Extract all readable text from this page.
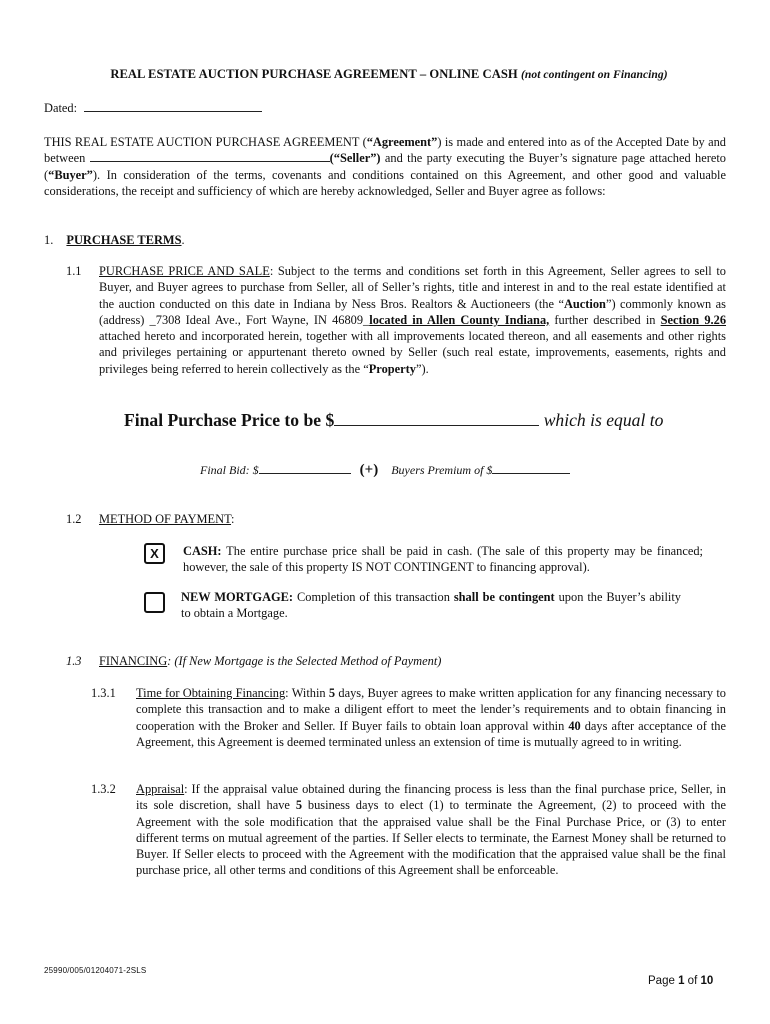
REAL ESTATE AUCTION PURCHASE AGREEMENT – ONLINE CASH (not contingent on Financing)
Dated:
THIS REAL ESTATE AUCTION PURCHASE AGREEMENT (“Agreement”) is made and entered into as of the Accepted Date by and between	(“Seller”) and the party executing the Buyer’s signature page attached hereto (“Buyer”). In consideration of the terms, covenants and conditions contained on this Agreement, and other good and valuable considerations, the receipt and sufficiency of which are hereby acknowledged, Seller and Buyer agree as follows:
1. PURCHASE TERMS.
1.1 PURCHASE PRICE AND SALE: Subject to the terms and conditions set forth in this Agreement, Seller agrees to sell to Buyer, and Buyer agrees to purchase from Seller, all of Seller’s rights, title and interest in and to the real estate identified at the auction conducted on this date in Indiana by Ness Bros. Realtors & Auctioneers (the “Auction”) commonly known as (address) _7308 Ideal Ave., Fort Wayne, IN 46809_located in Allen County Indiana, further described in Section 9.26 attached hereto and incorporated herein, together with all improvements located thereon, and all easements and other rights and privileges pertaining or appurtenant thereto owned by Seller (such real estate, improvements, easements, rights and privileges being referred to herein collectively as the “Property”).
Final Purchase Price to be $	which is equal to
Final Bid: $	(+) Buyers Premium of $
1.2 METHOD OF PAYMENT:
X	CASH: The entire purchase price shall be paid in cash. (The sale of this property may be financed; however, the sale of this property IS NOT CONTINGENT to financing approval).
NEW MORTGAGE: Completion of this transaction shall be contingent upon the Buyer’s ability to obtain a Mortgage.
1.3 FINANCING: (If New Mortgage is the Selected Method of Payment)
1.3.1 Time for Obtaining Financing: Within 5 days, Buyer agrees to make written application for any financing necessary to complete this transaction and to make a diligent effort to meet the lender’s requirements and to obtain financing in cooperation with the Broker and Seller. If Buyer fails to obtain loan approval within 40 days after acceptance of the Agreement, this Agreement is deemed terminated unless an extension of time is mutually agreed to in writing.
1.3.2 Appraisal: If the appraisal value obtained during the financing process is less than the final purchase price, Seller, in its sole discretion, shall have 5 business days to elect (1) to terminate the Agreement, (2) to proceed with the Agreement with the sole modification that the appraised value shall be the Final Purchase Price, or (3) to enter different terms on mutual agreement of the parties. If Seller elects to terminate, the Earnest Money shall be returned to Buyer. If Seller elects to proceed with the Agreement with the modification that the appraised value shall be the final purchase price, all other terms and conditions of this Agreement shall be enforceable.
25990/005/01204071-2SLS
Page 1 of 10
